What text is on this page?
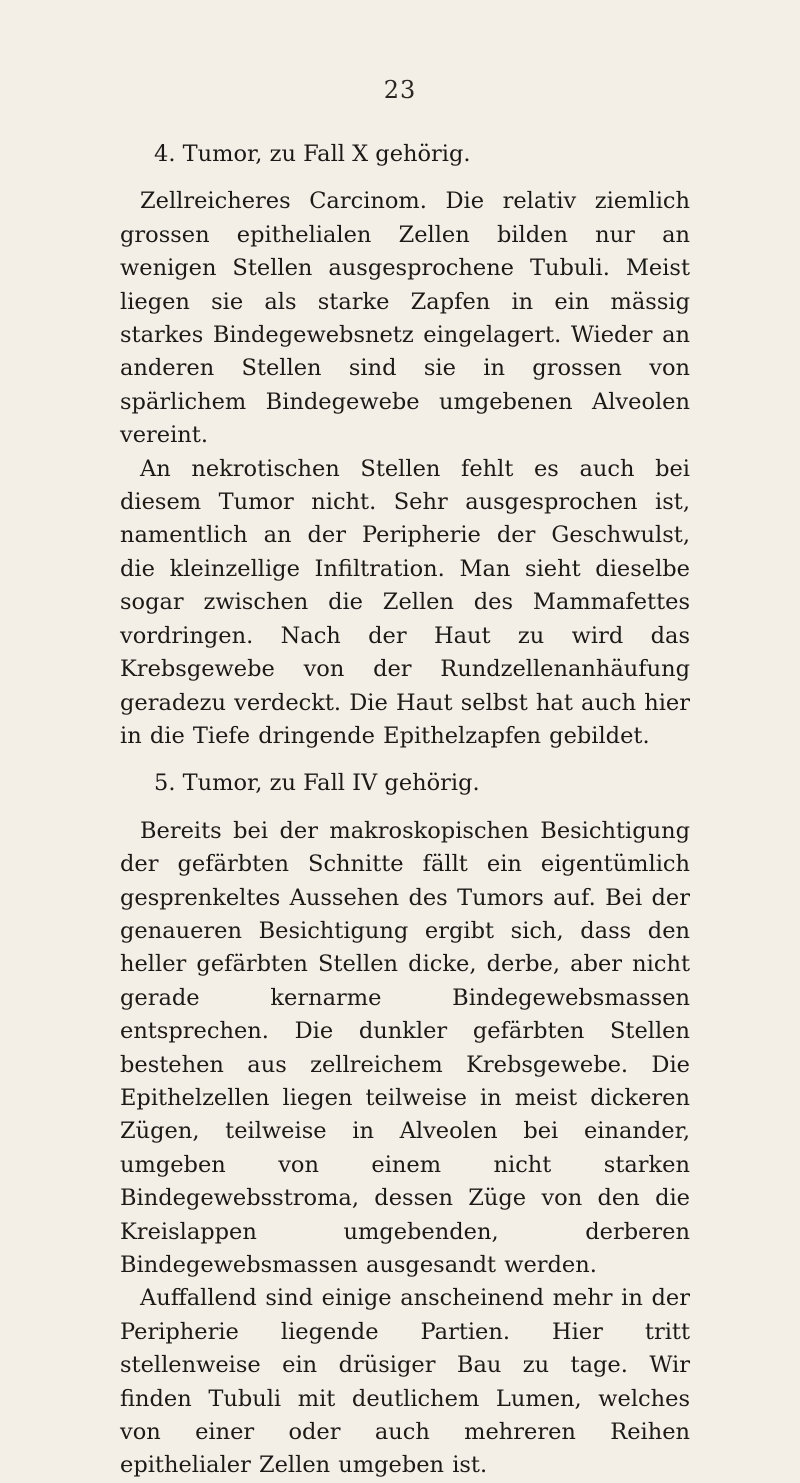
23
4. Tumor, zu Fall X gehörig.

Zellreicheres Carcinom. Die relativ ziemlich grossen epithelialen Zellen bilden nur an wenigen Stellen ausgesprochene Tubuli. Meist liegen sie als starke Zapfen in ein mässig starkes Bindegewebsnetz eingelagert. Wieder an anderen Stellen sind sie in grossen von spärlichem Bindegewebe umgebenen Alveolen vereint.

An nekrotischen Stellen fehlt es auch bei diesem Tumor nicht. Sehr ausgesprochen ist, namentlich an der Peripherie der Geschwulst, die kleinzellige Infiltration. Man sieht dieselbe sogar zwischen die Zellen des Mammafettes vordringen. Nach der Haut zu wird das Krebsgewebe von der Rundzellenanhäufung geradezu verdeckt. Die Haut selbst hat auch hier in die Tiefe dringende Epithelzapfen gebildet.

5. Tumor, zu Fall IV gehörig.

Bereits bei der makroskopischen Besichtigung der gefärbten Schnitte fällt ein eigentümlich gesprenkeltes Aussehen des Tumors auf. Bei der genaueren Besichtigung ergibt sich, dass den heller gefärbten Stellen dicke, derbe, aber nicht gerade kernarme Bindegewebsmassen entsprechen. Die dunkler gefärbten Stellen bestehen aus zellreichem Krebsgewebe. Die Epithelzellen liegen teilweise in meist dickeren Zügen, teilweise in Alveolen bei einander, umgeben von einem nicht starken Bindegewebsstroma, dessen Züge von den die Kreislappen umgebenden, derberen Bindegewebsmassen ausgesandt werden.

Auffallend sind einige anscheinend mehr in der Peripherie liegende Partien. Hier tritt stellenweise ein drüsiger Bau zu tage. Wir finden Tubuli mit deutlichem Lumen, welches von einer oder auch mehreren Reihen epithelialer Zellen umgeben ist.
